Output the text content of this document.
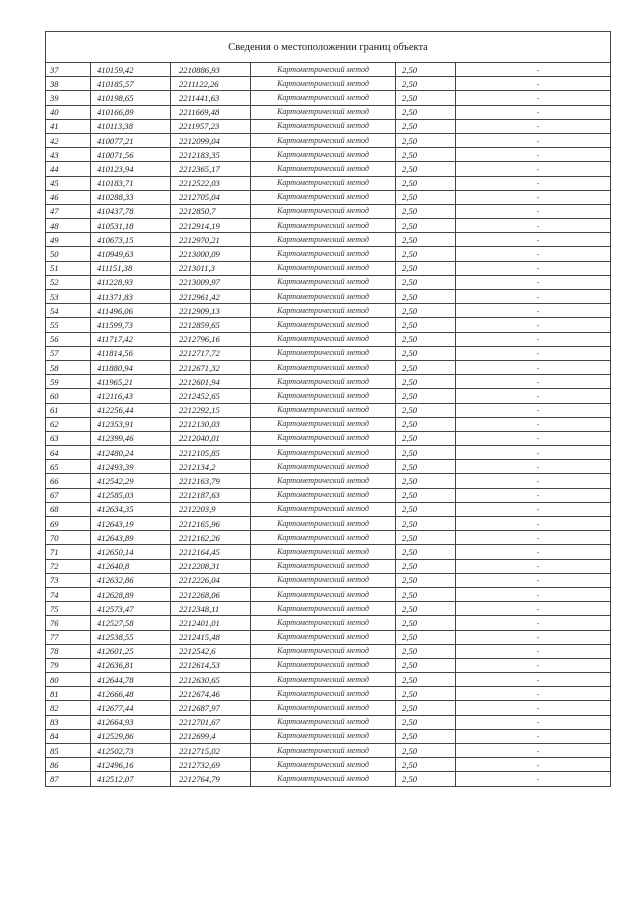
Сведения о местоположении границ объекта					
37	410159,42	2210886,93	Картометрический метод	2,50	-
38	410185,57	2211122,26	Картометрический метод	2,50	-
39	410198,65	2211441,63	Картометрический метод	2,50	-
40	410166,89	2211669,48	Картометрический метод	2,50	-
41	410113,38	2211957,23	Картометрический метод	2,50	-
42	410077,21	2212099,04	Картометрический метод	2,50	-
43	410071,56	2212183,35	Картометрический метод	2,50	-
44	410123,94	2212365,17	Картометрический метод	2,50	-
45	410183,71	2212522,03	Картометрический метод	2,50	-
46	410288,33	2212705,04	Картометрический метод	2,50	-
47	410437,78	2212850,7	Картометрический метод	2,50	-
48	410531,18	2212914,19	Картометрический метод	2,50	-
49	410673,15	2212970,21	Картометрический метод	2,50	-
50	410949,63	2213000,09	Картометрический метод	2,50	-
51	411151,38	2213011,3	Картометрический метод	2,50	-
52	411228,93	2213009,97	Картометрический метод	2,50	-
53	411371,83	2212961,42	Картометрический метод	2,50	-
54	411496,06	2212909,13	Картометрический метод	2,50	-
55	411599,73	2212859,65	Картометрический метод	2,50	-
56	411717,42	2212796,16	Картометрический метод	2,50	-
57	411814,56	2212717,72	Картометрический метод	2,50	-
58	411880,94	2212671,32	Картометрический метод	2,50	-
59	411965,21	2212601,94	Картометрический метод	2,50	-
60	412116,43	2212452,65	Картометрический метод	2,50	-
61	412256,44	2212292,15	Картометрический метод	2,50	-
62	412353,91	2212130,03	Картометрический метод	2,50	-
63	412399,46	2212040,01	Картометрический метод	2,50	-
64	412480,24	2212105,85	Картометрический метод	2,50	-
65	412493,39	2212134,2	Картометрический метод	2,50	-
66	412542,29	2212163,79	Картометрический метод	2,50	-
67	412585,03	2212187,63	Картометрический метод	2,50	-
68	412634,35	2212203,9	Картометрический метод	2,50	-
69	412643,19	2212165,96	Картометрический метод	2,50	-
70	412643,89	2212162,26	Картометрический метод	2,50	-
71	412650,14	2212164,45	Картометрический метод	2,50	-
72	412640,8	2212208,31	Картометрический метод	2,50	-
73	412632,86	2212226,04	Картометрический метод	2,50	-
74	412628,89	2212268,06	Картометрический метод	2,50	-
75	412573,47	2212348,11	Картометрический метод	2,50	-
76	412527,58	2212401,01	Картометрический метод	2,50	-
77	412538,55	2212415,48	Картометрический метод	2,50	-
78	412601,25	2212542,6	Картометрический метод	2,50	-
79	412636,81	2212614,53	Картометрический метод	2,50	-
80	412644,78	2212630,65	Картометрический метод	2,50	-
81	412666,48	2212674,46	Картометрический метод	2,50	-
82	412677,44	2212687,97	Картометрический метод	2,50	-
83	412664,93	2212701,67	Картометрический метод	2,50	-
84	412529,86	2212699,4	Картометрический метод	2,50	-
85	412502,73	2212715,02	Картометрический метод	2,50	-
86	412496,16	2212732,69	Картометрический метод	2,50	-
87	412512,07	2212764,79	Картометрический метод	2,50	-
